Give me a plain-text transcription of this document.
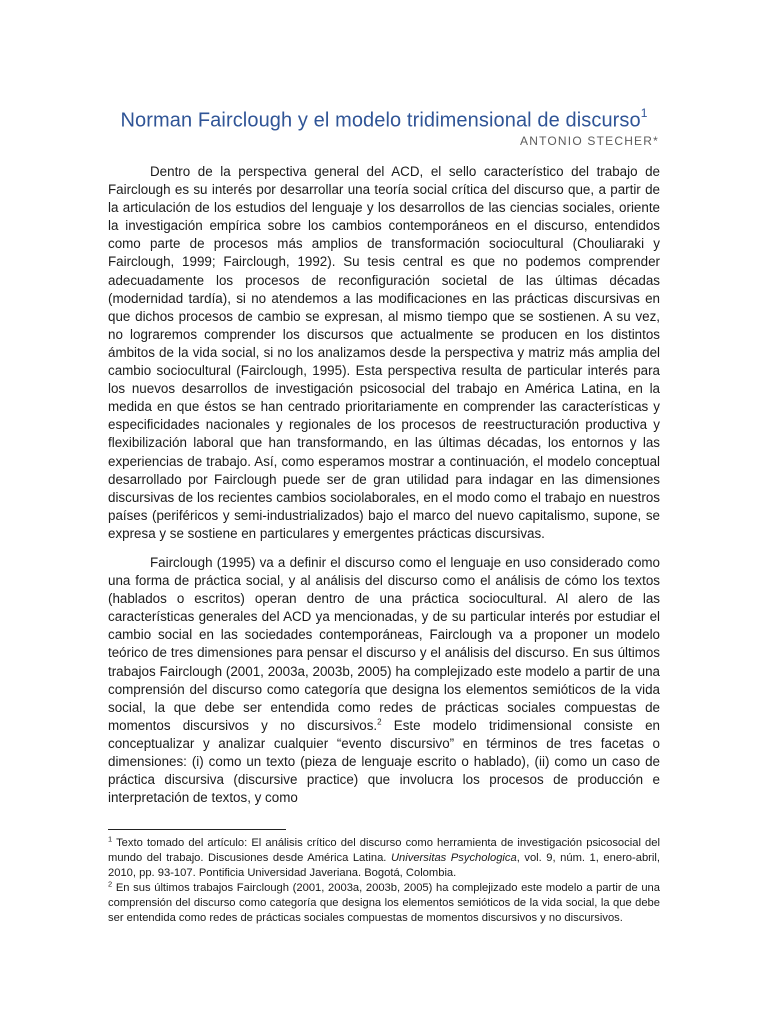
Norman Fairclough y el modelo tridimensional de discurso$^1$
ANTONIO STECHER*

Dentro de la perspectiva general del ACD, el sello característico del trabajo de Fairclough es su interés por desarrollar una teoría social crítica del discurso que, a partir de la articulación de los estudios del lenguaje y los desarrollos de las ciencias sociales, oriente la investigación empírica sobre los cambios contemporáneos en el discurso, entendidos como parte de procesos más amplios de transformación sociocultural (Chouliaraki y Fairclough, 1999; Fairclough, 1992). Su tesis central es que no podemos comprender adecuadamente los procesos de reconfiguración societal de las últimas décadas (modernidad tardía), si no atendemos a las modificaciones en las prácticas discursivas en que dichos procesos de cambio se expresan, al mismo tiempo que se sostienen. A su vez, no lograremos comprender los discursos que actualmente se producen en los distintos ámbitos de la vida social, si no los analizamos desde la perspectiva y matriz más amplia del cambio sociocultural (Fairclough, 1995). Esta perspectiva resulta de particular interés para los nuevos desarrollos de investigación psicosocial del trabajo en América Latina, en la medida en que éstos se han centrado prioritariamente en comprender las características y especificidades nacionales y regionales de los procesos de reestructuración productiva y flexibilización laboral que han transformando, en las últimas décadas, los entornos y las experiencias de trabajo. Así, como esperamos mostrar a continuación, el modelo conceptual desarrollado por Fairclough puede ser de gran utilidad para indagar en las dimensiones discursivas de los recientes cambios sociolaborales, en el modo como el trabajo en nuestros países (periféricos y semi-industrializados) bajo el marco del nuevo capitalismo, supone, se expresa y se sostiene en particulares y emergentes prácticas discursivas.

Fairclough (1995) va a definir el discurso como el lenguaje en uso considerado como una forma de práctica social, y al análisis del discurso como el análisis de cómo los textos (hablados o escritos) operan dentro de una práctica sociocultural. Al alero de las características generales del ACD ya mencionadas, y de su particular interés por estudiar el cambio social en las sociedades contemporáneas, Fairclough va a proponer un modelo teórico de tres dimensiones para pensar el discurso y el análisis del discurso. En sus últimos trabajos Fairclough (2001, 2003a, 2003b, 2005) ha complejizado este modelo a partir de una comprensión del discurso como categoría que designa los elementos semióticos de la vida social, la que debe ser entendida como redes de prácticas sociales compuestas de momentos discursivos y no discursivos.$^2$ Este modelo tridimensional consiste en conceptualizar y analizar cualquier “evento discursivo” en términos de tres facetas o dimensiones: (i) como un texto (pieza de lenguaje escrito o hablado), (ii) como un caso de práctica discursiva (discursive practice) que involucra los procesos de producción e interpretación de textos, y como

$^1$ Texto tomado del artículo: El análisis crítico del discurso como herramienta de investigación psicosocial del mundo del trabajo. Discusiones desde América Latina. Universitas Psychologica, vol. 9, núm. 1, enero-abril, 2010, pp. 93-107. Pontificia Universidad Javeriana. Bogotá, Colombia.

$^2$ En sus últimos trabajos Fairclough (2001, 2003a, 2003b, 2005) ha complejizado este modelo a partir de una comprensión del discurso como categoría que designa los elementos semióticos de la vida social, la que debe ser entendida como redes de prácticas sociales compuestas de momentos discursivos y no discursivos.
